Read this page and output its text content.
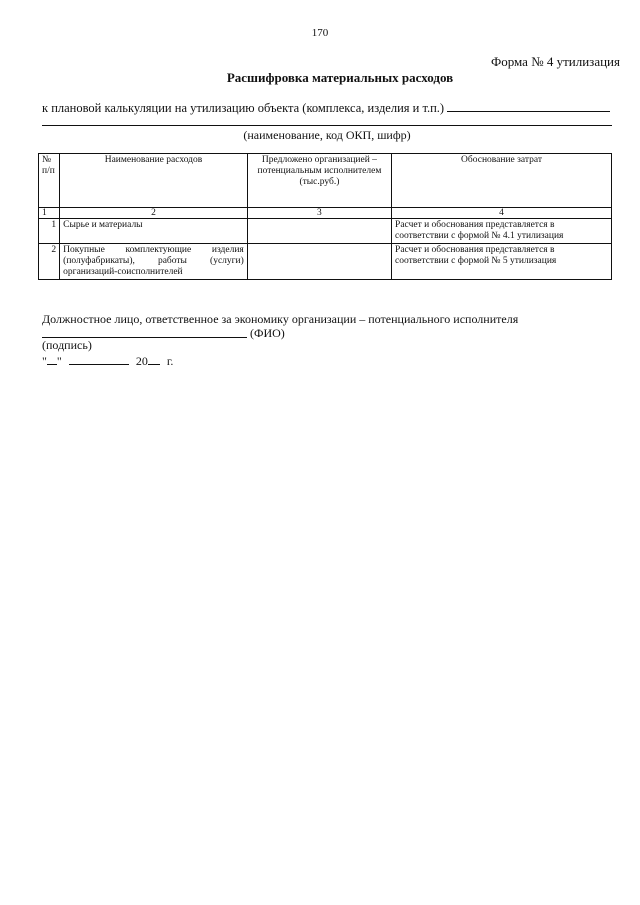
170
Форма № 4 утилизация
Расшифровка материальных расходов
к плановой калькуляции на утилизацию объекта (комплекса, изделия и т.п.)
(наименование, код ОКП, шифр)
№ п/п	Наименование расходов	Предложено организацией – потенциальным исполнителем (тыс.руб.)	Обоснование затрат
1	2	3	4
1	Сырье и материалы		Расчет и обоснования представляется в соответствии с формой № 4.1 утилизация
2	Покупные комплектующие изделия (полуфабрикаты), работы (услуги) организаций-соисполнителей		Расчет и обоснования представляется в соответствии с формой № 5 утилизация
Должностное лицо, ответственное за экономику организации – потенциального исполнителя
(ФИО)
(подпись)
" "	20 г.
